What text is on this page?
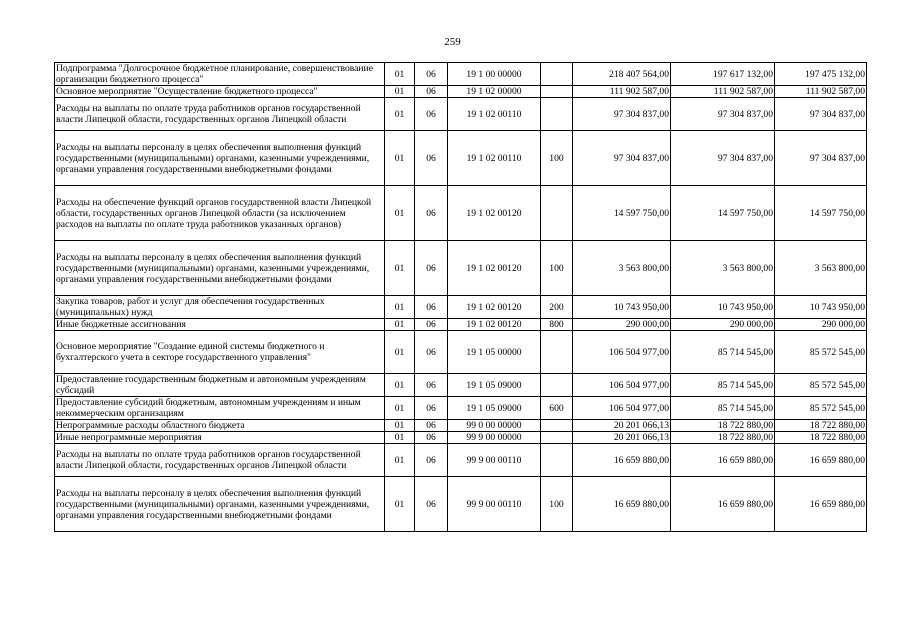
259
Подпрограмма "Долгосрочное бюджетное планирование, совершенствование организации бюджетного процесса"	01	06	19 1 00 00000		218 407 564,00	197 617 132,00	197 475 132,00
Основное мероприятие "Осуществление бюджетного процесса"	01	06	19 1 02 00000		111 902 587,00	111 902 587,00	111 902 587,00
Расходы на выплаты по оплате труда работников органов государственной власти Липецкой области, государственных органов Липецкой области	01	06	19 1 02 00110		97 304 837,00	97 304 837,00	97 304 837,00
Расходы на выплаты персоналу в целях обеспечения выполнения функций государственными (муниципальными) органами, казенными учреждениями, органами управления государственными внебюджетными фондами	01	06	19 1 02 00110	100	97 304 837,00	97 304 837,00	97 304 837,00
Расходы на обеспечение функций органов государственной власти Липецкой области, государственных органов Липецкой области (за исключением расходов на выплаты по оплате труда работников указанных органов)	01	06	19 1 02 00120		14 597 750,00	14 597 750,00	14 597 750,00
Расходы на выплаты персоналу в целях обеспечения выполнения функций государственными (муниципальными) органами, казенными учреждениями, органами управления государственными внебюджетными фондами	01	06	19 1 02 00120	100	3 563 800,00	3 563 800,00	3 563 800,00
Закупка товаров, работ и услуг для обеспечения государственных (муниципальных) нужд	01	06	19 1 02 00120	200	10 743 950,00	10 743 950,00	10 743 950,00
Иные бюджетные ассигнования	01	06	19 1 02 00120	800	290 000,00	290 000,00	290 000,00
Основное мероприятие "Создание единой системы бюджетного и бухгалтерского учета в секторе государственного управления"	01	06	19 1 05 00000		106 504 977,00	85 714 545,00	85 572 545,00
Предоставление государственным бюджетным и автономным учреждениям субсидий	01	06	19 1 05 09000		106 504 977,00	85 714 545,00	85 572 545,00
Предоставление субсидий бюджетным, автономным учреждениям и иным некоммерческим организациям	01	06	19 1 05 09000	600	106 504 977,00	85 714 545,00	85 572 545,00
Непрограммные расходы областного бюджета	01	06	99 0 00 00000		20 201 066,13	18 722 880,00	18 722 880,00
Иные непрограммные мероприятия	01	06	99 9 00 00000		20 201 066,13	18 722 880,00	18 722 880,00
Расходы на выплаты по оплате труда работников органов государственной власти Липецкой области, государственных органов Липецкой области	01	06	99 9 00 00110		16 659 880,00	16 659 880,00	16 659 880,00
Расходы на выплаты персоналу в целях обеспечения выполнения функций государственными (муниципальными) органами, казенными учреждениями, органами управления государственными внебюджетными фондами	01	06	99 9 00 00110	100	16 659 880,00	16 659 880,00	16 659 880,00
